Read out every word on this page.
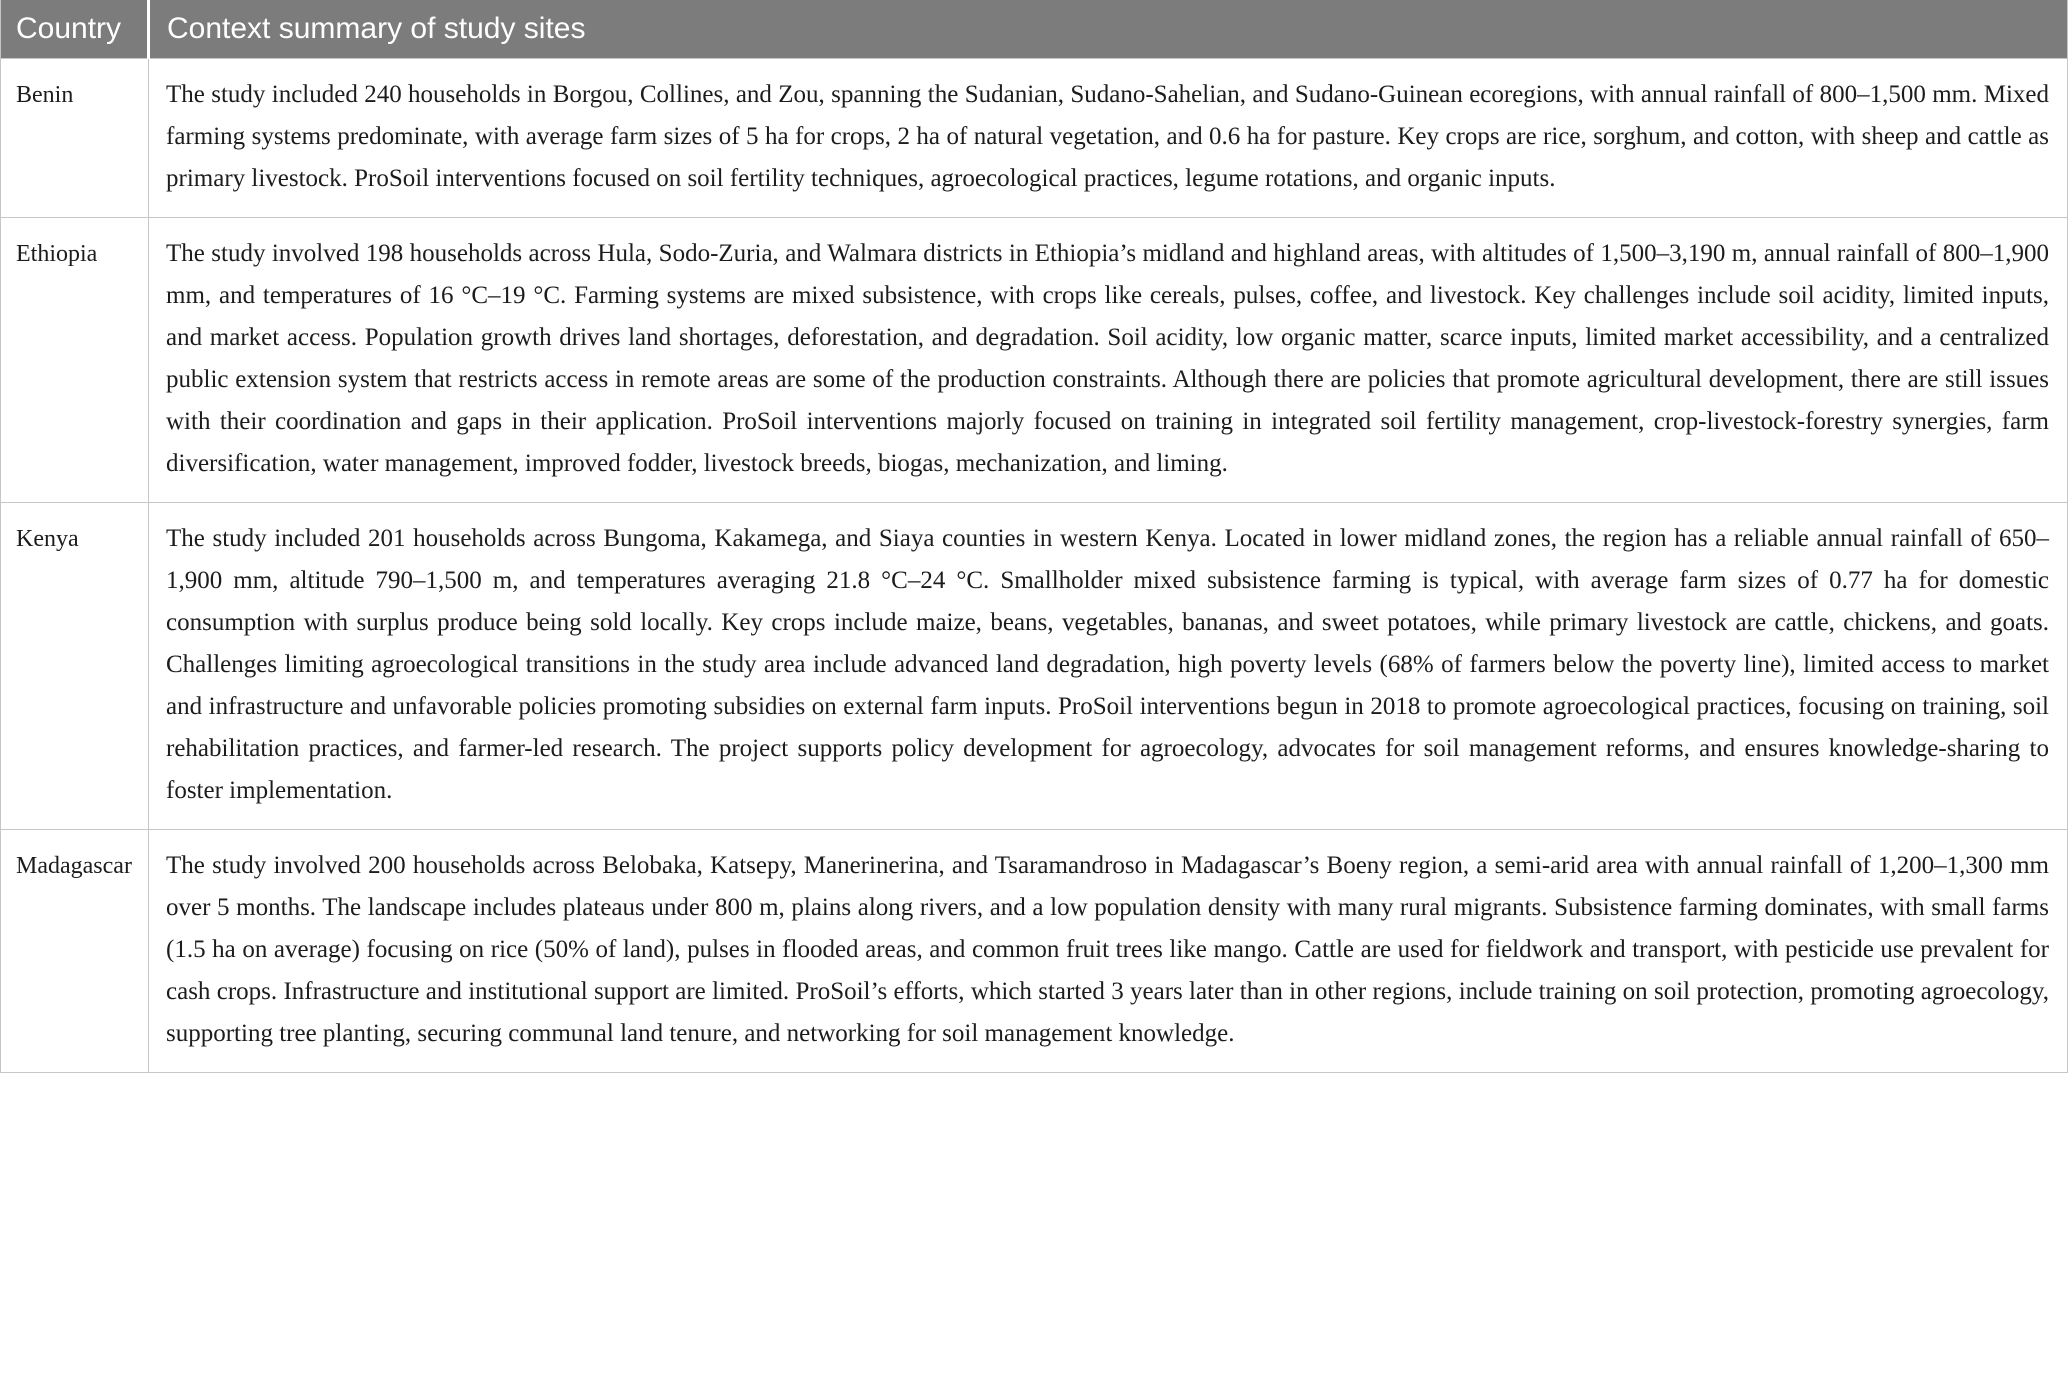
Country	Context summary of study sites
Benin	The study included 240 households in Borgou, Collines, and Zou, spanning the Sudanian, Sudano-Sahelian, and Sudano-Guinean ecoregions, with annual rainfall of 800–1,500 mm. Mixed farming systems predominate, with average farm sizes of 5 ha for crops, 2 ha of natural vegetation, and 0.6 ha for pasture. Key crops are rice, sorghum, and cotton, with sheep and cattle as primary livestock. ProSoil interventions focused on soil fertility techniques, agroecological practices, legume rotations, and organic inputs.
Ethiopia	The study involved 198 households across Hula, Sodo-Zuria, and Walmara districts in Ethiopia’s midland and highland areas, with altitudes of 1,500–3,190 m, annual rainfall of 800–1,900 mm, and temperatures of 16 °C–19 °C. Farming systems are mixed subsistence, with crops like cereals, pulses, coffee, and livestock. Key challenges include soil acidity, limited inputs, and market access. Population growth drives land shortages, deforestation, and degradation. Soil acidity, low organic matter, scarce inputs, limited market accessibility, and a centralized public extension system that restricts access in remote areas are some of the production constraints. Although there are policies that promote agricultural development, there are still issues with their coordination and gaps in their application. ProSoil interventions majorly focused on training in integrated soil fertility management, crop-livestock-forestry synergies, farm diversification, water management, improved fodder, livestock breeds, biogas, mechanization, and liming.
Kenya	The study included 201 households across Bungoma, Kakamega, and Siaya counties in western Kenya. Located in lower midland zones, the region has a reliable annual rainfall of 650–1,900 mm, altitude 790–1,500 m, and temperatures averaging 21.8 °C–24 °C. Smallholder mixed subsistence farming is typical, with average farm sizes of 0.77 ha for domestic consumption with surplus produce being sold locally. Key crops include maize, beans, vegetables, bananas, and sweet potatoes, while primary livestock are cattle, chickens, and goats. Challenges limiting agroecological transitions in the study area include advanced land degradation, high poverty levels (68% of farmers below the poverty line), limited access to market and infrastructure and unfavorable policies promoting subsidies on external farm inputs. ProSoil interventions begun in 2018 to promote agroecological practices, focusing on training, soil rehabilitation practices, and farmer-led research. The project supports policy development for agroecology, advocates for soil management reforms, and ensures knowledge-sharing to foster implementation.
Madagascar	The study involved 200 households across Belobaka, Katsepy, Manerinerina, and Tsaramandroso in Madagascar’s Boeny region, a semi-arid area with annual rainfall of 1,200–1,300 mm over 5 months. The landscape includes plateaus under 800 m, plains along rivers, and a low population density with many rural migrants. Subsistence farming dominates, with small farms (1.5 ha on average) focusing on rice (50% of land), pulses in flooded areas, and common fruit trees like mango. Cattle are used for fieldwork and transport, with pesticide use prevalent for cash crops. Infrastructure and institutional support are limited. ProSoil’s efforts, which started 3 years later than in other regions, include training on soil protection, promoting agroecology, supporting tree planting, securing communal land tenure, and networking for soil management knowledge.
